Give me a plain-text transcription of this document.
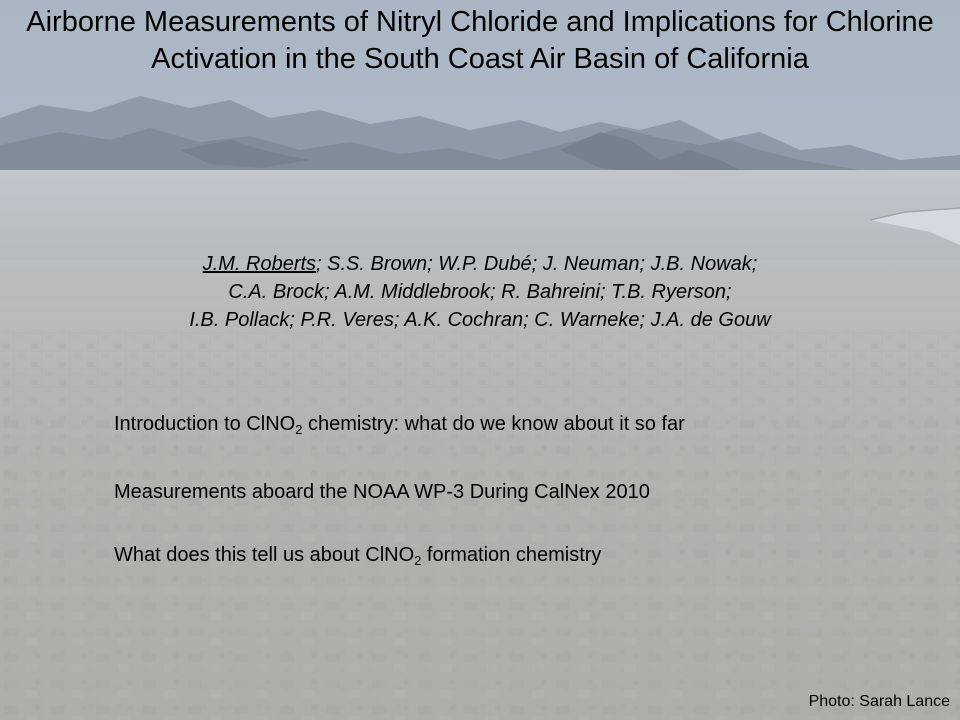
Airborne Measurements of Nitryl Chloride and Implications for Chlorine Activation in the South Coast Air Basin of California
J.M. Roberts; S.S. Brown; W.P. Dubé; J. Neuman; J.B. Nowak;
C.A. Brock; A.M. Middlebrook; R. Bahreini; T.B. Ryerson;
I.B. Pollack; P.R. Veres; A.K. Cochran; C. Warneke; J.A. de Gouw
Introduction to ClNO$_2$ chemistry: what do we know about it so far
Measurements aboard the NOAA WP-3 During CalNex 2010
What does this tell us about ClNO$_2$ formation chemistry
Photo: Sarah Lance
